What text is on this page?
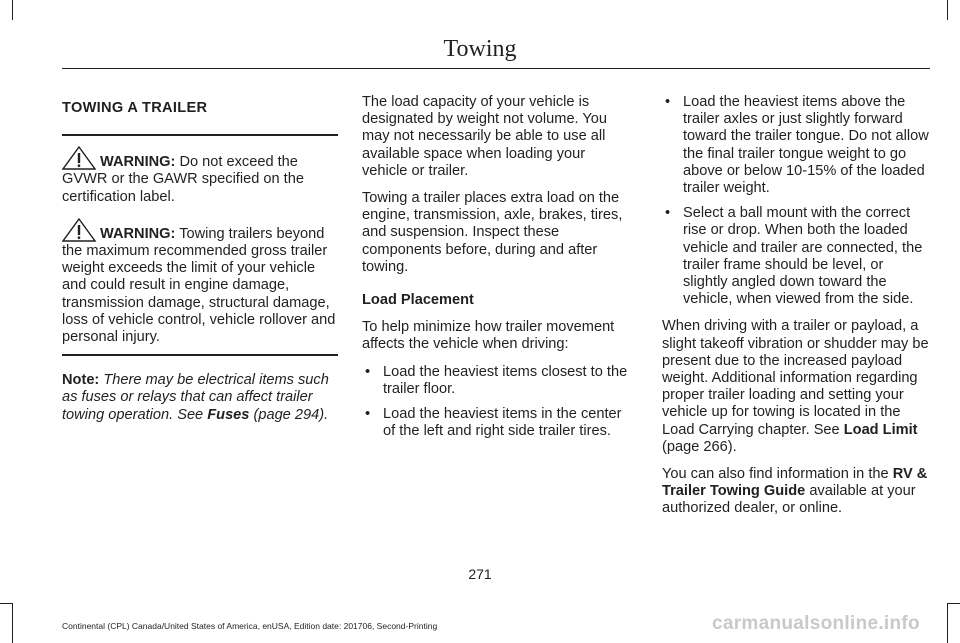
Towing
TOWING A TRAILER
WARNING: Do not exceed the GVWR or the GAWR specified on the certification label.
WARNING: Towing trailers beyond the maximum recommended gross trailer weight exceeds the limit of your vehicle and could result in engine damage, transmission damage, structural damage, loss of vehicle control, vehicle rollover and personal injury.

Note: There may be electrical items such as fuses or relays that can affect trailer towing operation. See Fuses (page 294).

The load capacity of your vehicle is designated by weight not volume. You may not necessarily be able to use all available space when loading your vehicle or trailer.

Towing a trailer places extra load on the engine, transmission, axle, brakes, tires, and suspension. Inspect these components before, during and after towing.

Load Placement

To help minimize how trailer movement affects the vehicle when driving:

• Load the heaviest items closest to the trailer floor.
• Load the heaviest items in the center of the left and right side trailer tires.
• Load the heaviest items above the trailer axles or just slightly forward toward the trailer tongue. Do not allow the final trailer tongue weight to go above or below 10-15% of the loaded trailer weight.
• Select a ball mount with the correct rise or drop. When both the loaded vehicle and trailer are connected, the trailer frame should be level, or slightly angled down toward the vehicle, when viewed from the side.

When driving with a trailer or payload, a slight takeoff vibration or shudder may be present due to the increased payload weight. Additional information regarding proper trailer loading and setting your vehicle up for towing is located in the Load Carrying chapter. See Load Limit (page 266).

You can also find information in the RV & Trailer Towing Guide available at your authorized dealer, or online.

271
Continental (CPL) Canada/United States of America, enUSA, Edition date: 201706, Second-Printing	carmanualsonline.info
